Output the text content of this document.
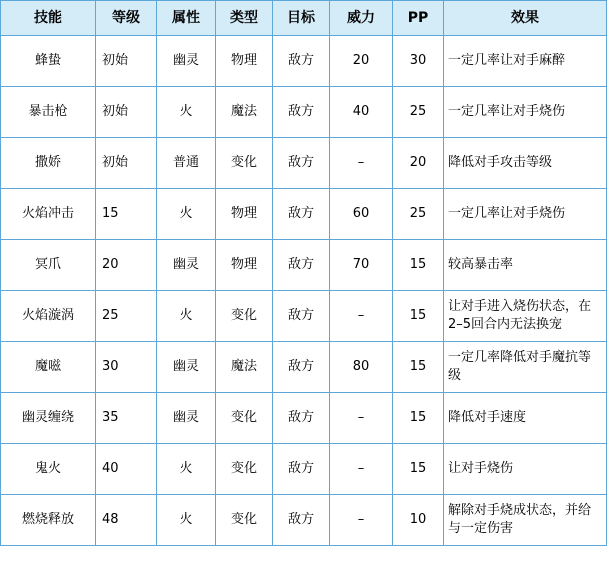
技能	等级	属性	类型	目标	威力	PP	效果
蜂蛰	初始	幽灵	物理	敌方	20	30	一定几率让对手麻醉
暴击枪	初始	火	魔法	敌方	40	25	一定几率让对手烧伤
撒娇	初始	普通	变化	敌方	–	20	降低对手攻击等级
火焰冲击	15	火	物理	敌方	60	25	一定几率让对手烧伤
冥爪	20	幽灵	物理	敌方	70	15	较高暴击率
火焰漩涡	25	火	变化	敌方	–	15	让对手进入烧伤状态，在2–5回合内无法换宠
魔嗞	30	幽灵	魔法	敌方	80	15	一定几率降低对手魔抗等级
幽灵缠绕	35	幽灵	变化	敌方	–	15	降低对手速度
鬼火	40	火	变化	敌方	–	15	让对手烧伤
燃烧释放	48	火	变化	敌方	–	10	解除对手烧成状态，并给与一定伤害
